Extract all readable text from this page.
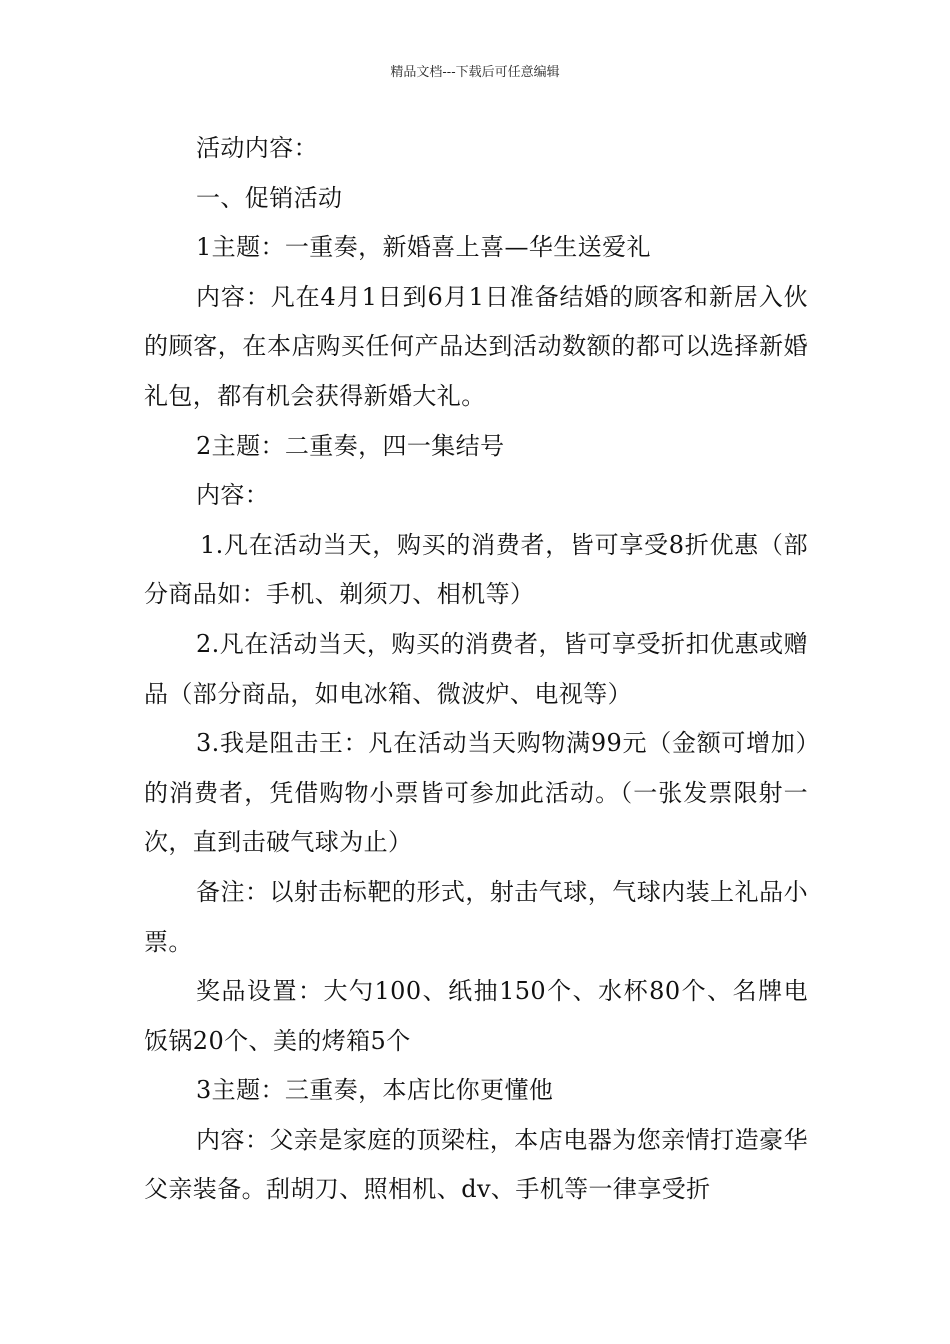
精品文档---下载后可任意编辑

活动内容：

一、促销活动

1主题：一重奏，新婚喜上喜—华生送爱礼

内容：凡在4月1日到6月1日准备结婚的顾客和新居入伙的顾客，在本店购买任何产品达到活动数额的都可以选择新婚礼包，都有机会获得新婚大礼。

2主题：二重奏，四一集结号

内容：

1.凡在活动当天，购买的消费者，皆可享受8折优惠（部分商品如：手机、剃须刀、相机等）

2.凡在活动当天，购买的消费者，皆可享受折扣优惠或赠品（部分商品，如电冰箱、微波炉、电视等）

3.我是阻击王：凡在活动当天购物满99元（金额可增加）的消费者，凭借购物小票皆可参加此活动。（一张发票限射一次，直到击破气球为止）

备注：以射击标靶的形式，射击气球，气球内装上礼品小票。

奖品设置：大勺100、纸抽150个、水杯80个、名牌电饭锅20个、美的烤箱5个

3主题：三重奏，本店比你更懂他

内容：父亲是家庭的顶梁柱，本店电器为您亲情打造豪华父亲装备。刮胡刀、照相机、dv、手机等一律享受折
